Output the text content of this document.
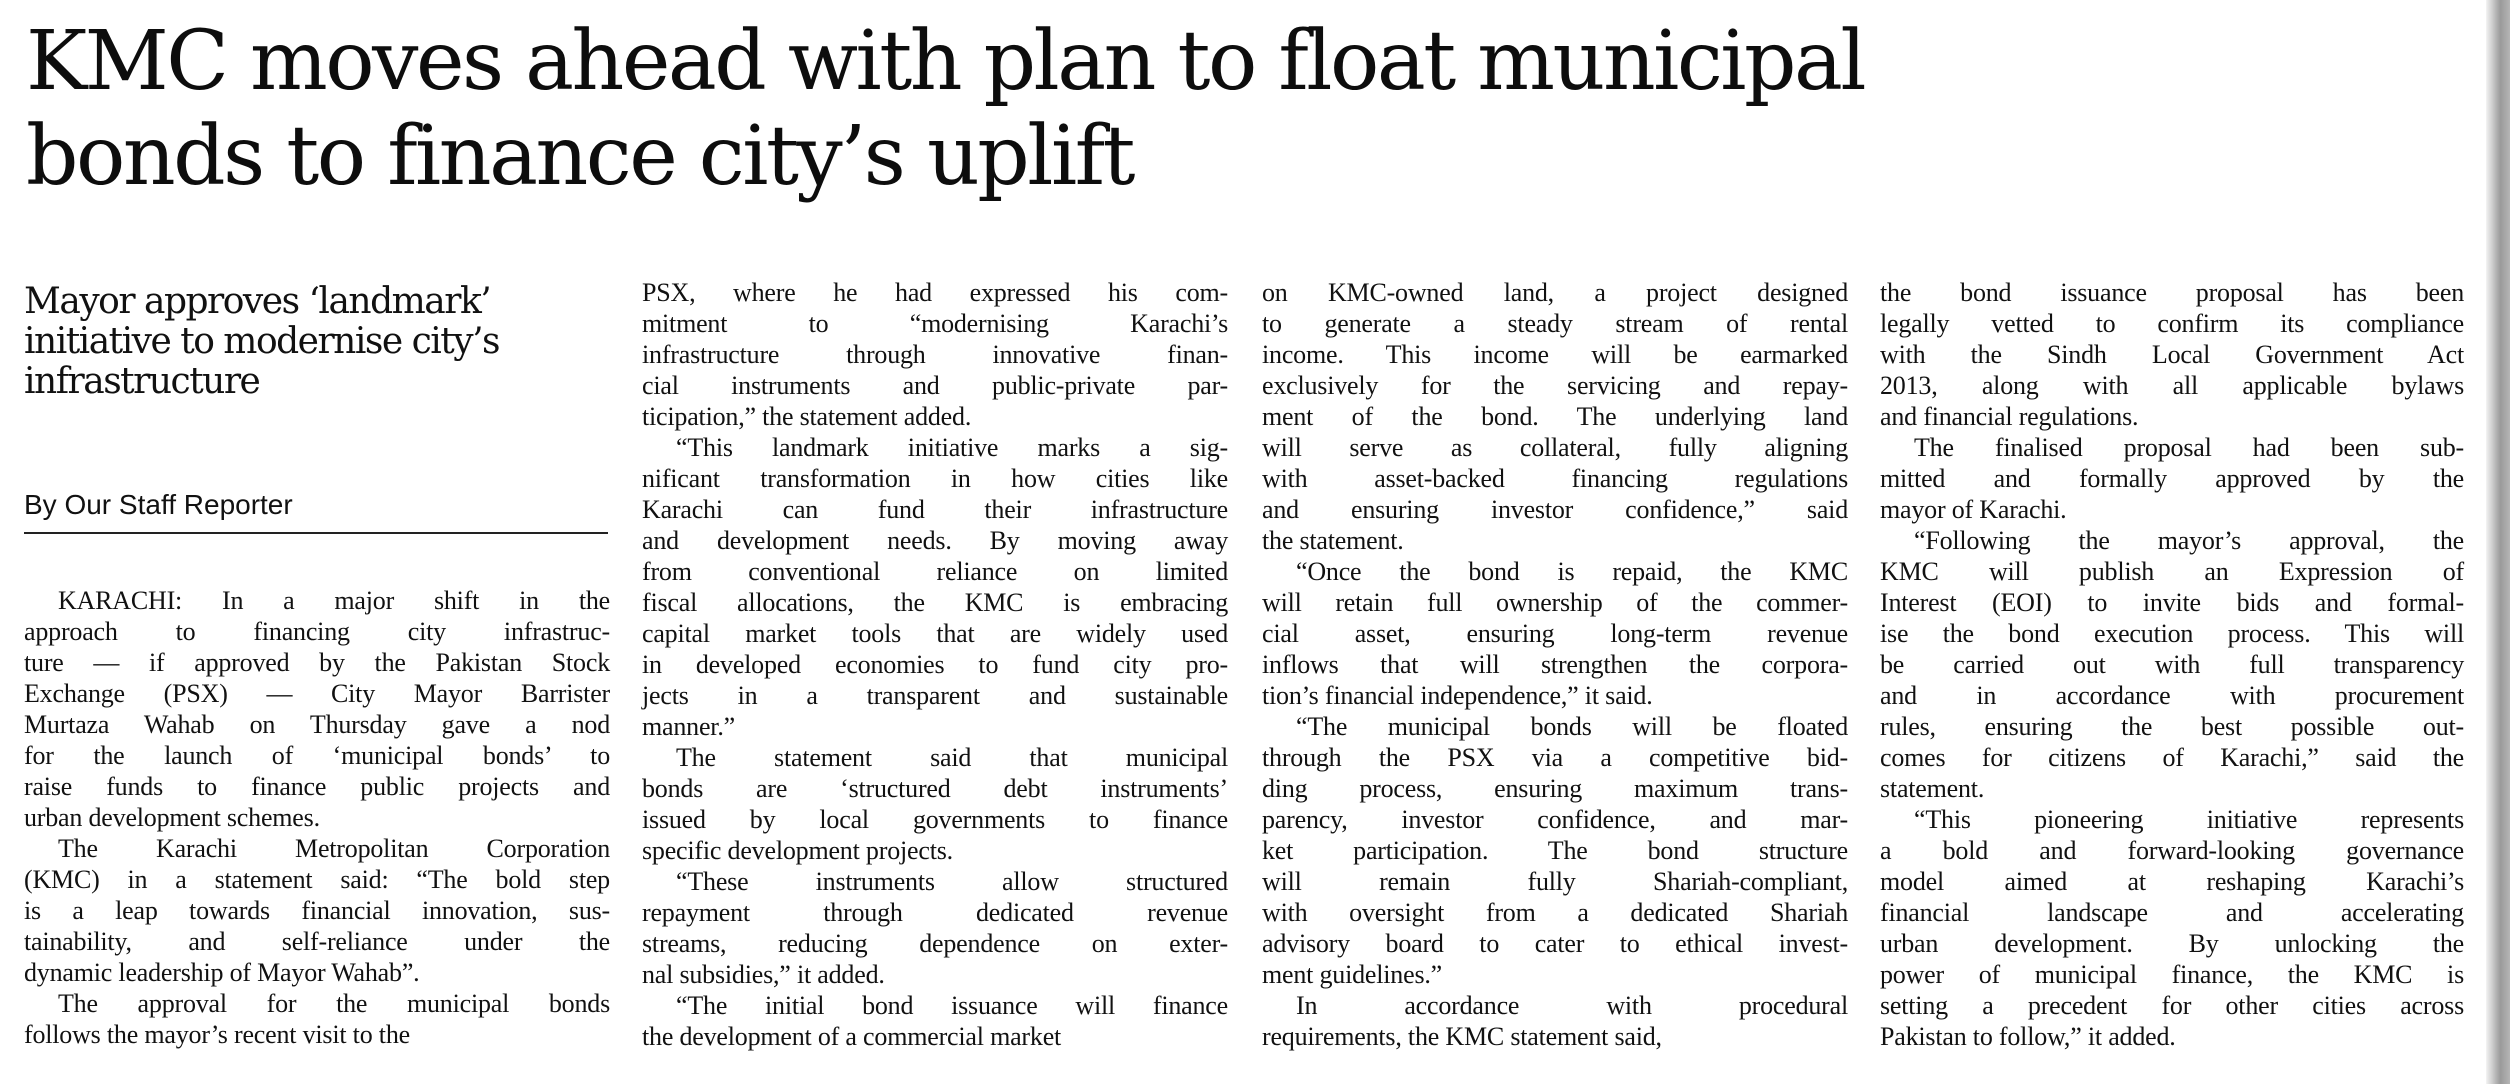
KMC moves ahead with plan to float municipal
bonds to finance city’s uplift
Mayor approves ‘landmark’
initiative to modernise city’s
infrastructure
By Our Staff Reporter
KARACHI: In a major shift in the
approach to financing city infrastruc-
ture — if approved by the Pakistan Stock
Exchange (PSX) — City Mayor Barrister
Murtaza Wahab on Thursday gave a nod
for the launch of ‘municipal bonds’ to
raise funds to finance public projects and
urban development schemes.
The Karachi Metropolitan Corporation
(KMC) in a statement said: “The bold step
is a leap towards financial innovation, sus-
tainability, and self-reliance under the
dynamic leadership of Mayor Wahab”.
The approval for the municipal bonds
follows the mayor’s recent visit to the
PSX, where he had expressed his com-
mitment to “modernising Karachi’s
infrastructure through innovative finan-
cial instruments and public-private par-
ticipation,” the statement added.
“This landmark initiative marks a sig-
nificant transformation in how cities like
Karachi can fund their infrastructure
and development needs. By moving away
from conventional reliance on limited
fiscal allocations, the KMC is embracing
capital market tools that are widely used
in developed economies to fund city pro-
jects in a transparent and sustainable
manner.”
The statement said that municipal
bonds are ‘structured debt instruments’
issued by local governments to finance
specific development projects.
“These instruments allow structured
repayment through dedicated revenue
streams, reducing dependence on exter-
nal subsidies,” it added.
“The initial bond issuance will finance
the development of a commercial market
on KMC-owned land, a project designed
to generate a steady stream of rental
income. This income will be earmarked
exclusively for the servicing and repay-
ment of the bond. The underlying land
will serve as collateral, fully aligning
with asset-backed financing regulations
and ensuring investor confidence,” said
the statement.
“Once the bond is repaid, the KMC
will retain full ownership of the commer-
cial asset, ensuring long-term revenue
inflows that will strengthen the corpora-
tion’s financial independence,” it said.
“The municipal bonds will be floated
through the PSX via a competitive bid-
ding process, ensuring maximum trans-
parency, investor confidence, and mar-
ket participation. The bond structure
will remain fully Shariah-compliant,
with oversight from a dedicated Shariah
advisory board to cater to ethical invest-
ment guidelines.”
In accordance with procedural
requirements, the KMC statement said,
the bond issuance proposal has been
legally vetted to confirm its compliance
with the Sindh Local Government Act
2013, along with all applicable bylaws
and financial regulations.
The finalised proposal had been sub-
mitted and formally approved by the
mayor of Karachi.
“Following the mayor’s approval, the
KMC will publish an Expression of
Interest (EOI) to invite bids and formal-
ise the bond execution process. This will
be carried out with full transparency
and in accordance with procurement
rules, ensuring the best possible out-
comes for citizens of Karachi,” said the
statement.
“This pioneering initiative represents
a bold and forward-looking governance
model aimed at reshaping Karachi’s
financial landscape and accelerating
urban development. By unlocking the
power of municipal finance, the KMC is
setting a precedent for other cities across
Pakistan to follow,” it added.
